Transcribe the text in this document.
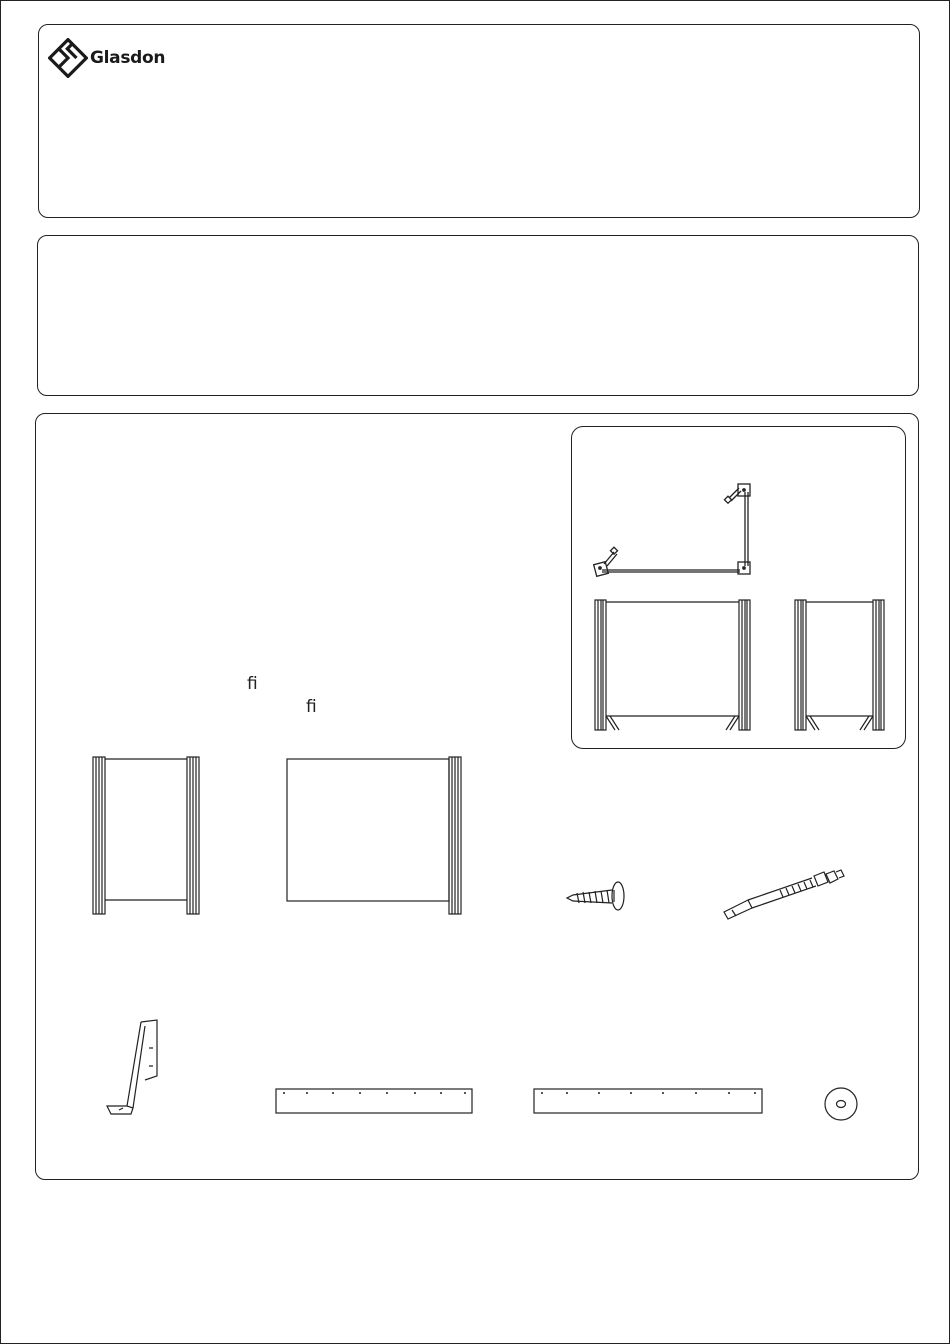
Glasdon
ﬁ
ﬁ
